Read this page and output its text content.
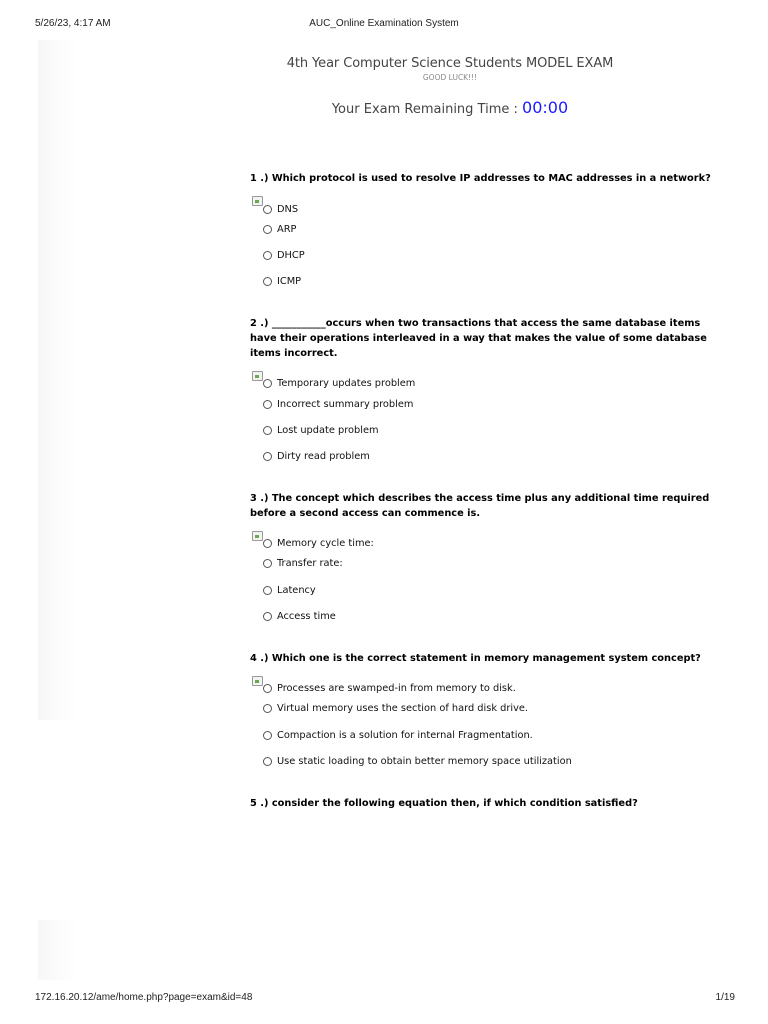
5/26/23, 4:17 AM	AUC_Online Examination System
4th Year Computer Science Students MODEL EXAM
GOOD LUCK!!!
Your Exam Remaining Time : 00:00
1 .) Which protocol is used to resolve IP addresses to MAC addresses in a network?
DNS
ARP
DHCP
ICMP
2 .) ___________occurs when two transactions that access the same database items have their operations interleaved in a way that makes the value of some database items incorrect.
Temporary updates problem
Incorrect summary problem
Lost update problem
Dirty read problem
3 .) The concept which describes the access time plus any additional time required before a second access can commence is.
Memory cycle time:
Transfer rate:
Latency
Access time
4 .) Which one is the correct statement in memory management system concept?
Processes are swamped-in from memory to disk.
Virtual memory uses the section of hard disk drive.
Compaction is a solution for internal Fragmentation.
Use static loading to obtain better memory space utilization
5 .) consider the following equation then, if which condition satisfied?
172.16.20.12/ame/home.php?page=exam&id=48	1/19
